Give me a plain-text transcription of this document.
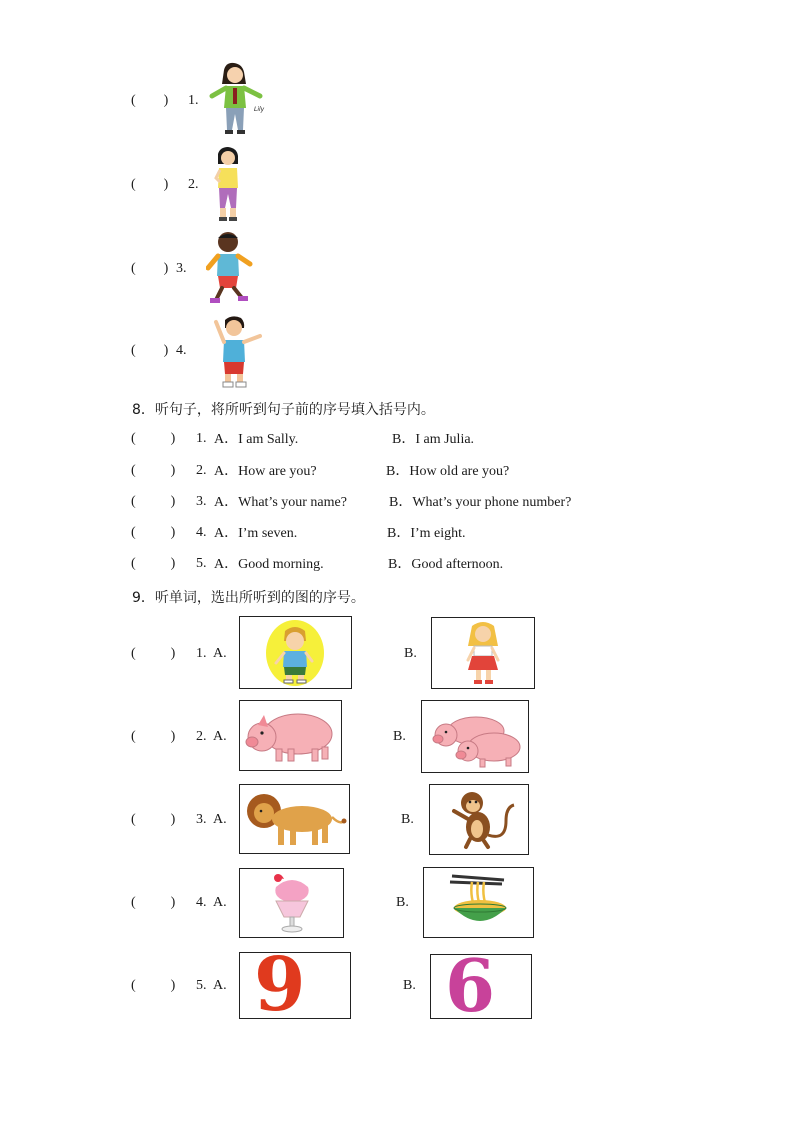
(        ) 1.
Lily
(        ) 2.
(        ) 3.
(        ) 4.
8．听句子，将所听到句子前的序号填入括号内。
(          ) 1. A．I am Sally.	B．I am Julia.
(          ) 2. A．How are you?	B．How old are you?
(          ) 3. A．What’s your name?	B．What’s your phone number?
(          ) 4. A．I’m seven.	B．I’m eight.
(          ) 5. A．Good morning.	B．Good afternoon.
9．听单词，选出所听到的图的序号。
(          ) 1. A.	B.
(          ) 2. A.	B.
(          ) 3. A.	B.
(          ) 4. A.	B.
(          ) 5. A. 9	B. 6
